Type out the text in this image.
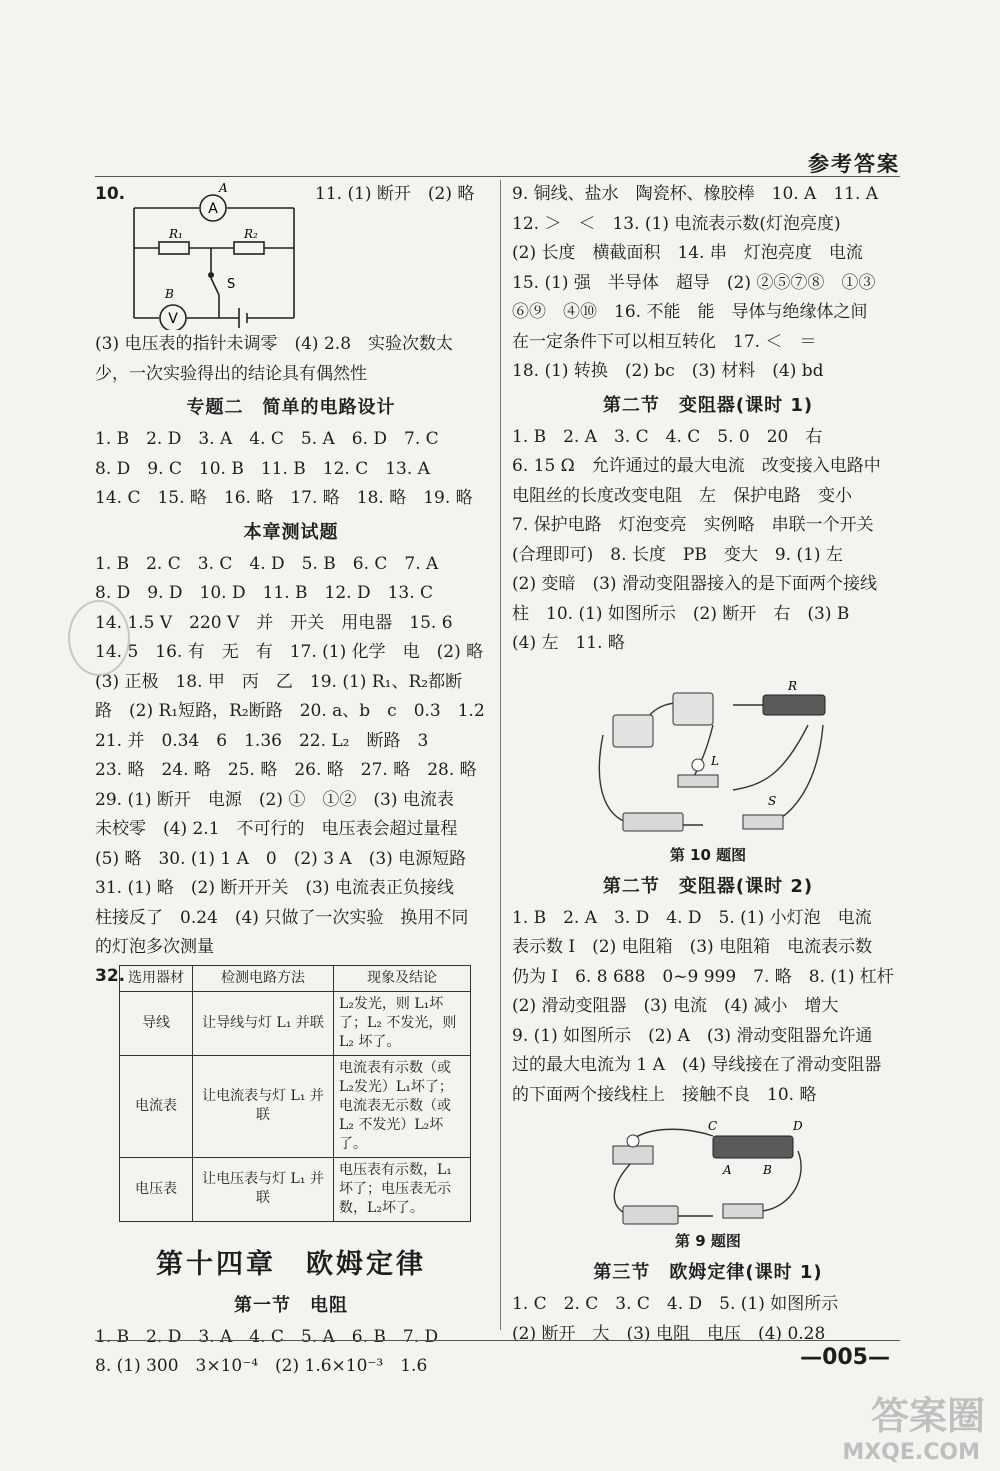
参考答案
10.
A
A
R₁	R₂
S
V
B
11. (1) 断开　(2) 略

(3) 电压表的指针未调零　(4) 2.8　实验次数太

少，一次实验得出的结论具有偶然性

专题二　简单的电路设计

1. B　2. D　3. A　4. C　5. A　6. D　7. C

8. D　9. C　10. B　11. B　12. C　13. A

14. C　15. 略　16. 略　17. 略　18. 略　19. 略

本章测试题

1. B　2. C　3. C　4. D　5. B　6. C　7. A

8. D　9. D　10. D　11. B　12. D　13. C

14. 1.5 V　220 V　并　开关　用电器　15. 6

14. 5　16. 有　无　有　17. (1) 化学　电　(2) 略

(3) 正极　18. 甲　丙　乙　19. (1) R₁、R₂都断

路　(2) R₁短路，R₂断路　20. a、b　c　0.3　1.2

21. 并　0.34　6　1.36　22. L₂　断路　3

23. 略　24. 略　25. 略　26. 略　27. 略　28. 略

29. (1) 断开　电源　(2) ①　①②　(3) 电流表

未校零　(4) 2.1　不可行的　电压表会超过量程

(5) 略　30. (1) 1 A　0　(2) 3 A　(3) 电源短路

31. (1) 略　(2) 断开开关　(3) 电流表正负接线

柱接反了　0.24　(4) 只做了一次实验　换用不同

的灯泡多次测量

32. 选用器材	检测电路方法	现象及结论
导线	让导线与灯 L₁ 并联	L₂发光，则 L₁坏了；L₂ 不发光，则 L₂ 坏了。
电流表	让电流表与灯 L₁ 并联	电流表有示数（或 L₂发光）L₁坏了；电流表无示数（或 L₂ 不发光）L₂坏了。
电压表	让电压表与灯 L₁ 并联	电压表有示数，L₁坏了；电压表无示数，L₂坏了。
第十四章　欧姆定律
第一节　电阻

1. B　2. D　3. A　4. C　5. A　6. B　7. D

8. (1) 300　3×10⁻⁴　(2) 1.6×10⁻³　1.6

9. 铜线、盐水　陶瓷杯、橡胶棒　10. A　11. A

12. ＞　＜　13. (1) 电流表示数(灯泡亮度)

(2) 长度　横截面积　14. 串　灯泡亮度　电流

15. (1) 强　半导体　超导　(2) ②⑤⑦⑧　①③

⑥⑨　④⑩　16. 不能　能　导体与绝缘体之间

在一定条件下可以相互转化　17. ＜　＝

18. (1) 转换　(2) bc　(3) 材料　(4) bd

第二节　变阻器(课时 1)

1. B　2. A　3. C　4. C　5. 0　20　右

6. 15 Ω　允许通过的最大电流　改变接入电路中

电阻丝的长度改变电阻　左　保护电路　变小

7. 保护电路　灯泡变亮　实例略　串联一个开关

(合理即可)　8. 长度　PB　变大　9. (1) 左

(2) 变暗　(3) 滑动变阻器接入的是下面两个接线

柱　10. (1) 如图所示　(2) 断开　右　(3) B

(4) 左　11. 略

R
L
S
第 10 题图
第二节　变阻器(课时 2)

1. B　2. A　3. D　4. D　5. (1) 小灯泡　电流

表示数 I　(2) 电阻箱　(3) 电阻箱　电流表示数

仍为 I　6. 8 688　0~9 999　7. 略　8. (1) 杠杆

(2) 滑动变阻器　(3) 电流　(4) 减小　增大

9. (1) 如图所示　(2) A　(3) 滑动变阻器允许通

过的最大电流为 1 A　(4) 导线接在了滑动变阻器

的下面两个接线柱上　接触不良　10. 略

C	D
A	B
第 9 题图
第三节　欧姆定律(课时 1)

1. C　2. C　3. C　4. D　5. (1) 如图所示

(2) 断开　大　(3) 电阻　电压　(4) 0.28

—005—
答案圈
MXQE.COM
